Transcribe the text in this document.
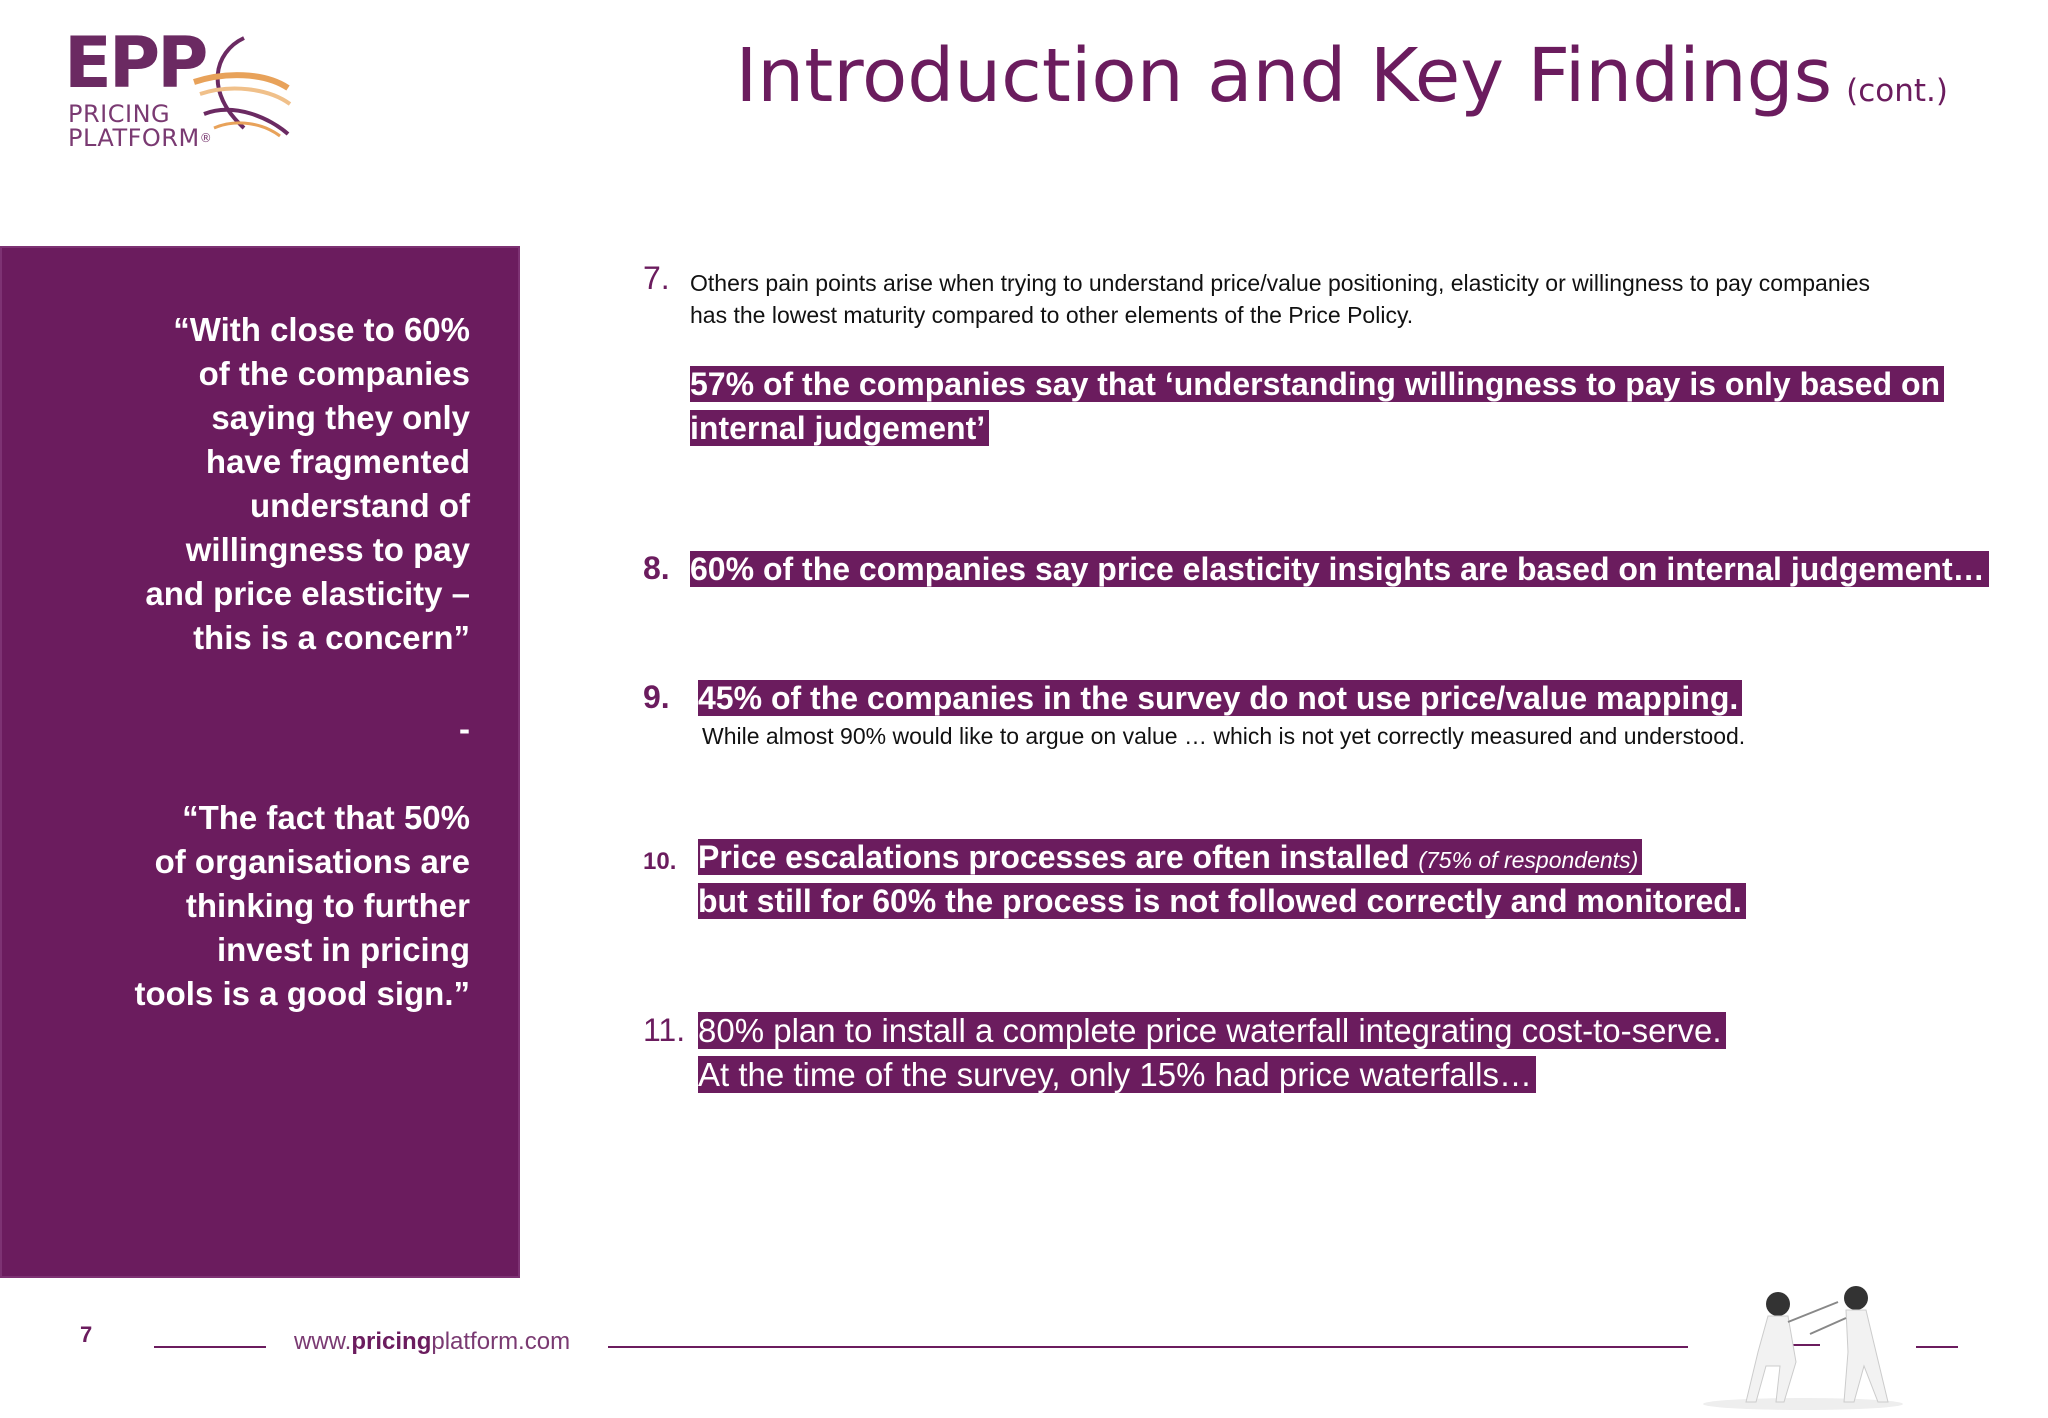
EPP
PRICING
PLATFORM®
Introduction and Key Findings (cont.)
“With close to 60%
of the companies
saying they only
have fragmented
understand of
willingness to pay
and price elasticity –
this is a concern”
-
“The fact that 50%
of organisations are
thinking to further
invest in pricing
tools is a good sign.”
7. Others pain points arise when trying to understand price/value positioning, elasticity or willingness to pay companies
has the lowest maturity compared to other elements of the Price Policy.
57% of the companies say that ‘understanding willingness to pay is only based on
internal judgement’
8. 60% of the companies say price elasticity insights are based on internal judgement…
9. 45% of the companies in the survey do not use price/value mapping.
While almost 90% would like to argue on value … which is not yet correctly measured and understood.
10. Price escalations processes are often installed (75% of respondents)
but still for 60% the process is not followed correctly and monitored.
11. 80% plan to install a complete price waterfall integrating cost-to-serve.
At the time of the survey, only 15% had price waterfalls…
7	www.pricingplatform.com
